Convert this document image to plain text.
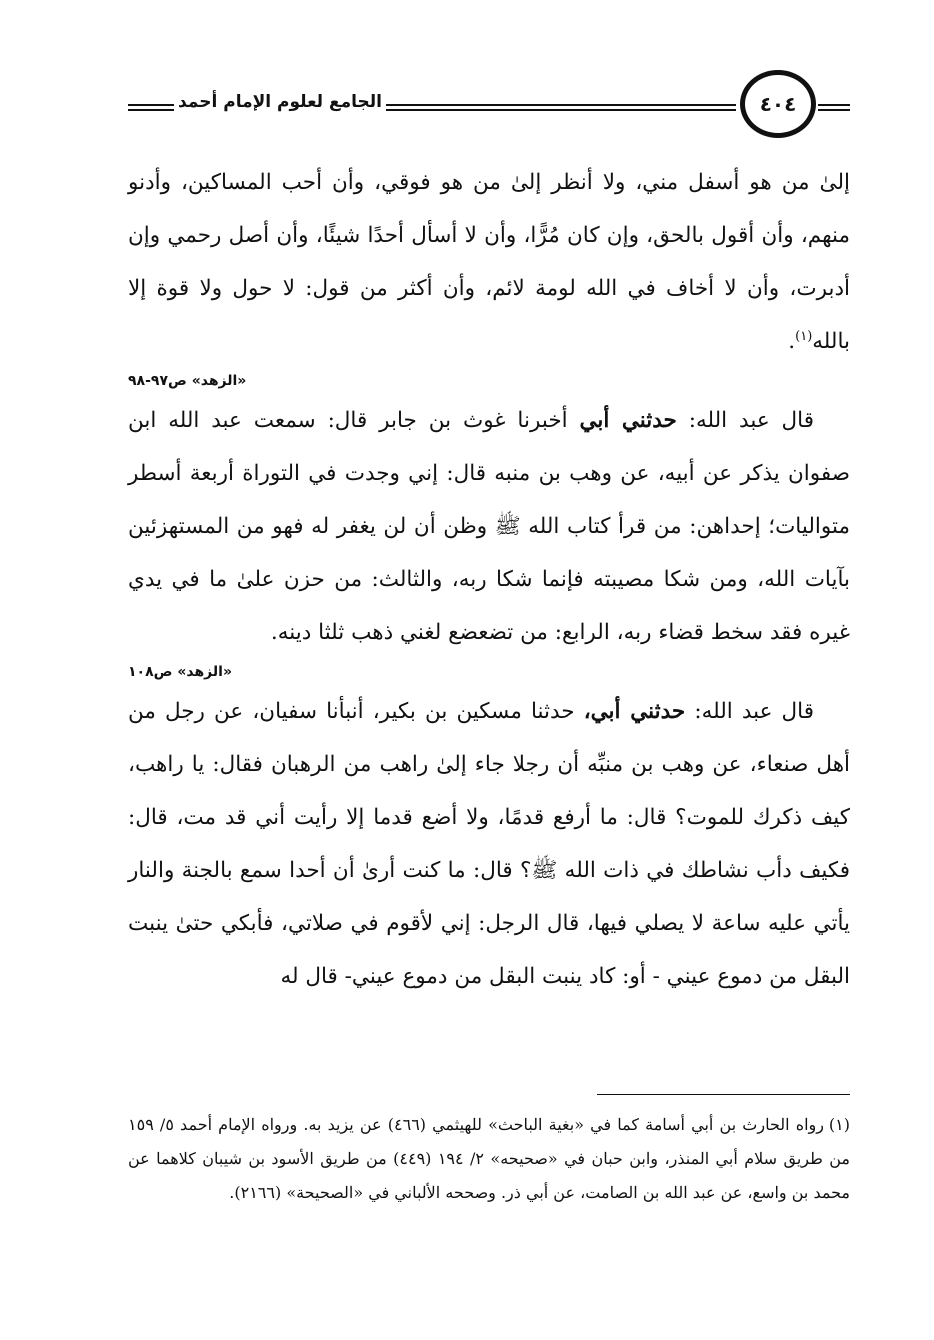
الجامع لعلوم الإمام أحمد	٤٠٤

إلىٰ من هو أسفل مني، ولا أنظر إلىٰ من هو فوقي، وأن أحب المساكين، وأدنو منهم، وأن أقول بالحق، وإن كان مُرًّا، وأن لا أسأل أحدًا شيئًا، وأن أصل رحمي وإن أدبرت، وأن لا أخاف في الله لومة لائم، وأن أكثر من قول: لا حول ولا قوة إلا بالله$^{(١)}$.

«الزهد» ص٩٧-٩٨

قال عبد الله: حدثني أبي أخبرنا غوث بن جابر قال: سمعت عبد الله ابن صفوان يذكر عن أبيه، عن وهب بن منبه قال: إني وجدت في التوراة أربعة أسطر متواليات؛ إحداهن: من قرأ كتاب الله ﷺ وظن أن لن يغفر له فهو من المستهزئين بآيات الله، ومن شكا مصيبته فإنما شكا ربه، والثالث: من حزن علىٰ ما في يدي غيره فقد سخط قضاء ربه، الرابع: من تضعضع لغني ذهب ثلثا دينه.

«الزهد» ص١٠٨

قال عبد الله: حدثني أبي، حدثنا مسكين بن بكير، أنبأنا سفيان، عن رجل من أهل صنعاء، عن وهب بن منبِّه أن رجلا جاء إلىٰ راهب من الرهبان فقال: يا راهب، كيف ذكرك للموت؟ قال: ما أرفع قدمًا، ولا أضع قدما إلا رأيت أني قد مت، قال: فكيف دأب نشاطك في ذات الله ﷺ؟ قال: ما كنت أرىٰ أن أحدا سمع بالجنة والنار يأتي عليه ساعة لا يصلي فيها، قال الرجل: إني لأقوم في صلاتي، فأبكي حتىٰ ينبت البقل من دموع عيني - أو: كاد ينبت البقل من دموع عيني- قال له

(١)رواه الحارث بن أبي أسامة كما في «بغية الباحث» للهيثمي (٤٦٦) عن يزيد به. ورواه الإمام أحمد ٥/ ١٥٩ من طريق سلام أبي المنذر، وابن حبان في «صحيحه» ٢/ ١٩٤ (٤٤٩) من طريق الأسود بن شيبان كلاهما عن محمد بن واسع، عن عبد الله بن الصامت، عن أبي ذر. وصححه الألباني في «الصحيحة» (٢١٦٦).
